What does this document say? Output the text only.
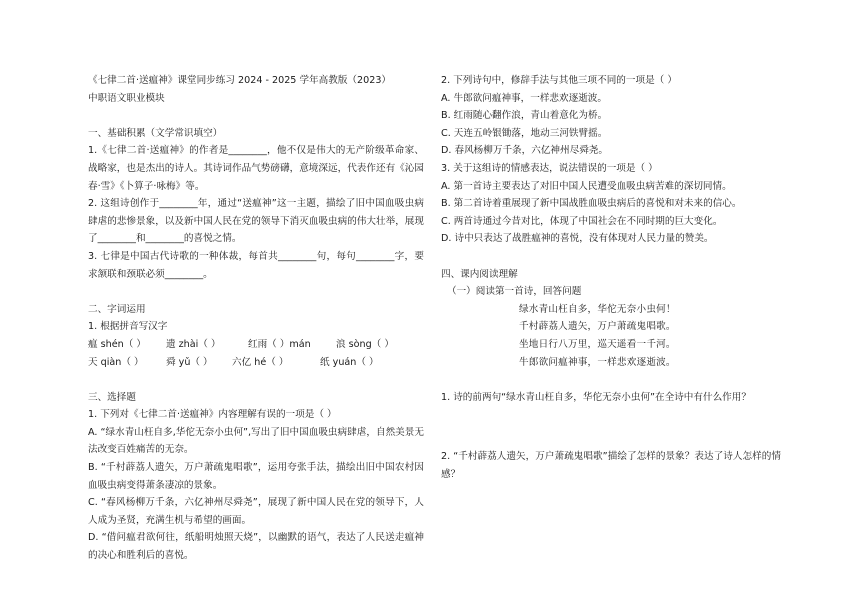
《七律二首·送瘟神》课堂同步练习 2024 - 2025 学年高教版（2023）
中职语文职业模块
一、基础积累（文学常识填空）
1.《七律二首·送瘟神》的作者是________，他不仅是伟大的无产阶级革命家、战略家，也是杰出的诗人。其诗词作品气势磅礴，意境深远，代表作还有《沁园春·雪》《卜算子·咏梅》等。
2. 这组诗创作于________年，通过“送瘟神”这一主题，描绘了旧中国血吸虫病肆虐的悲惨景象，以及新中国人民在党的领导下消灭血吸虫病的伟大壮举，展现了________和________的喜悦之情。
3. 七律是中国古代诗歌的一种体裁，每首共________句，每句________字，要求颔联和颈联必须________。
二、字词运用
1. 根据拼音写汉字
瘟 shén（ ）	遗 zhài（ ）	红雨（ ）mán	浪 sòng（ ）
天 qiàn（ ）	舜 yǔ（ ）	六亿 hé（ ）	纸 yuán（ ）
三、选择题
1. 下列对《七律二首·送瘟神》内容理解有误的一项是（ ）
A. “绿水青山枉自多,华佗无奈小虫何”,写出了旧中国血吸虫病肆虐，自然美景无法改变百姓痛苦的无奈。
B. “千村薜荔人遗矢，万户萧疏鬼唱歌”，运用夸张手法，描绘出旧中国农村因血吸虫病变得萧条凄凉的景象。
C. “春风杨柳万千条，六亿神州尽舜尧”，展现了新中国人民在党的领导下，人人成为圣贤，充满生机与希望的画面。
D. “借问瘟君欲何往，纸船明烛照天烧”，以幽默的语气，表达了人民送走瘟神的决心和胜利后的喜悦。
2. 下列诗句中，修辞手法与其他三项不同的一项是（ ）
A. 牛郎欲问瘟神事，一样悲欢逐逝波。
B. 红雨随心翻作浪，青山着意化为桥。
C. 天连五岭银锄落，地动三河铁臂摇。
D. 春风杨柳万千条，六亿神州尽舜尧。
3. 关于这组诗的情感表达，说法错误的一项是（ ）
A. 第一首诗主要表达了对旧中国人民遭受血吸虫病苦难的深切同情。
B. 第二首诗着重展现了新中国战胜血吸虫病后的喜悦和对未来的信心。
C. 两首诗通过今昔对比，体现了中国社会在不同时期的巨大变化。
D. 诗中只表达了战胜瘟神的喜悦，没有体现对人民力量的赞美。
四、课内阅读理解
（一）阅读第一首诗，回答问题
绿水青山枉自多，华佗无奈小虫何！
千村薜荔人遗矢，万户萧疏鬼唱歌。
坐地日行八万里，巡天遥看一千河。
牛郎欲问瘟神事，一样悲欢逐逝波。
1. 诗的前两句“绿水青山枉自多，华佗无奈小虫何”在全诗中有什么作用？
2. “千村薜荔人遗矢，万户萧疏鬼唱歌”描绘了怎样的景象？表达了诗人怎样的情感？
